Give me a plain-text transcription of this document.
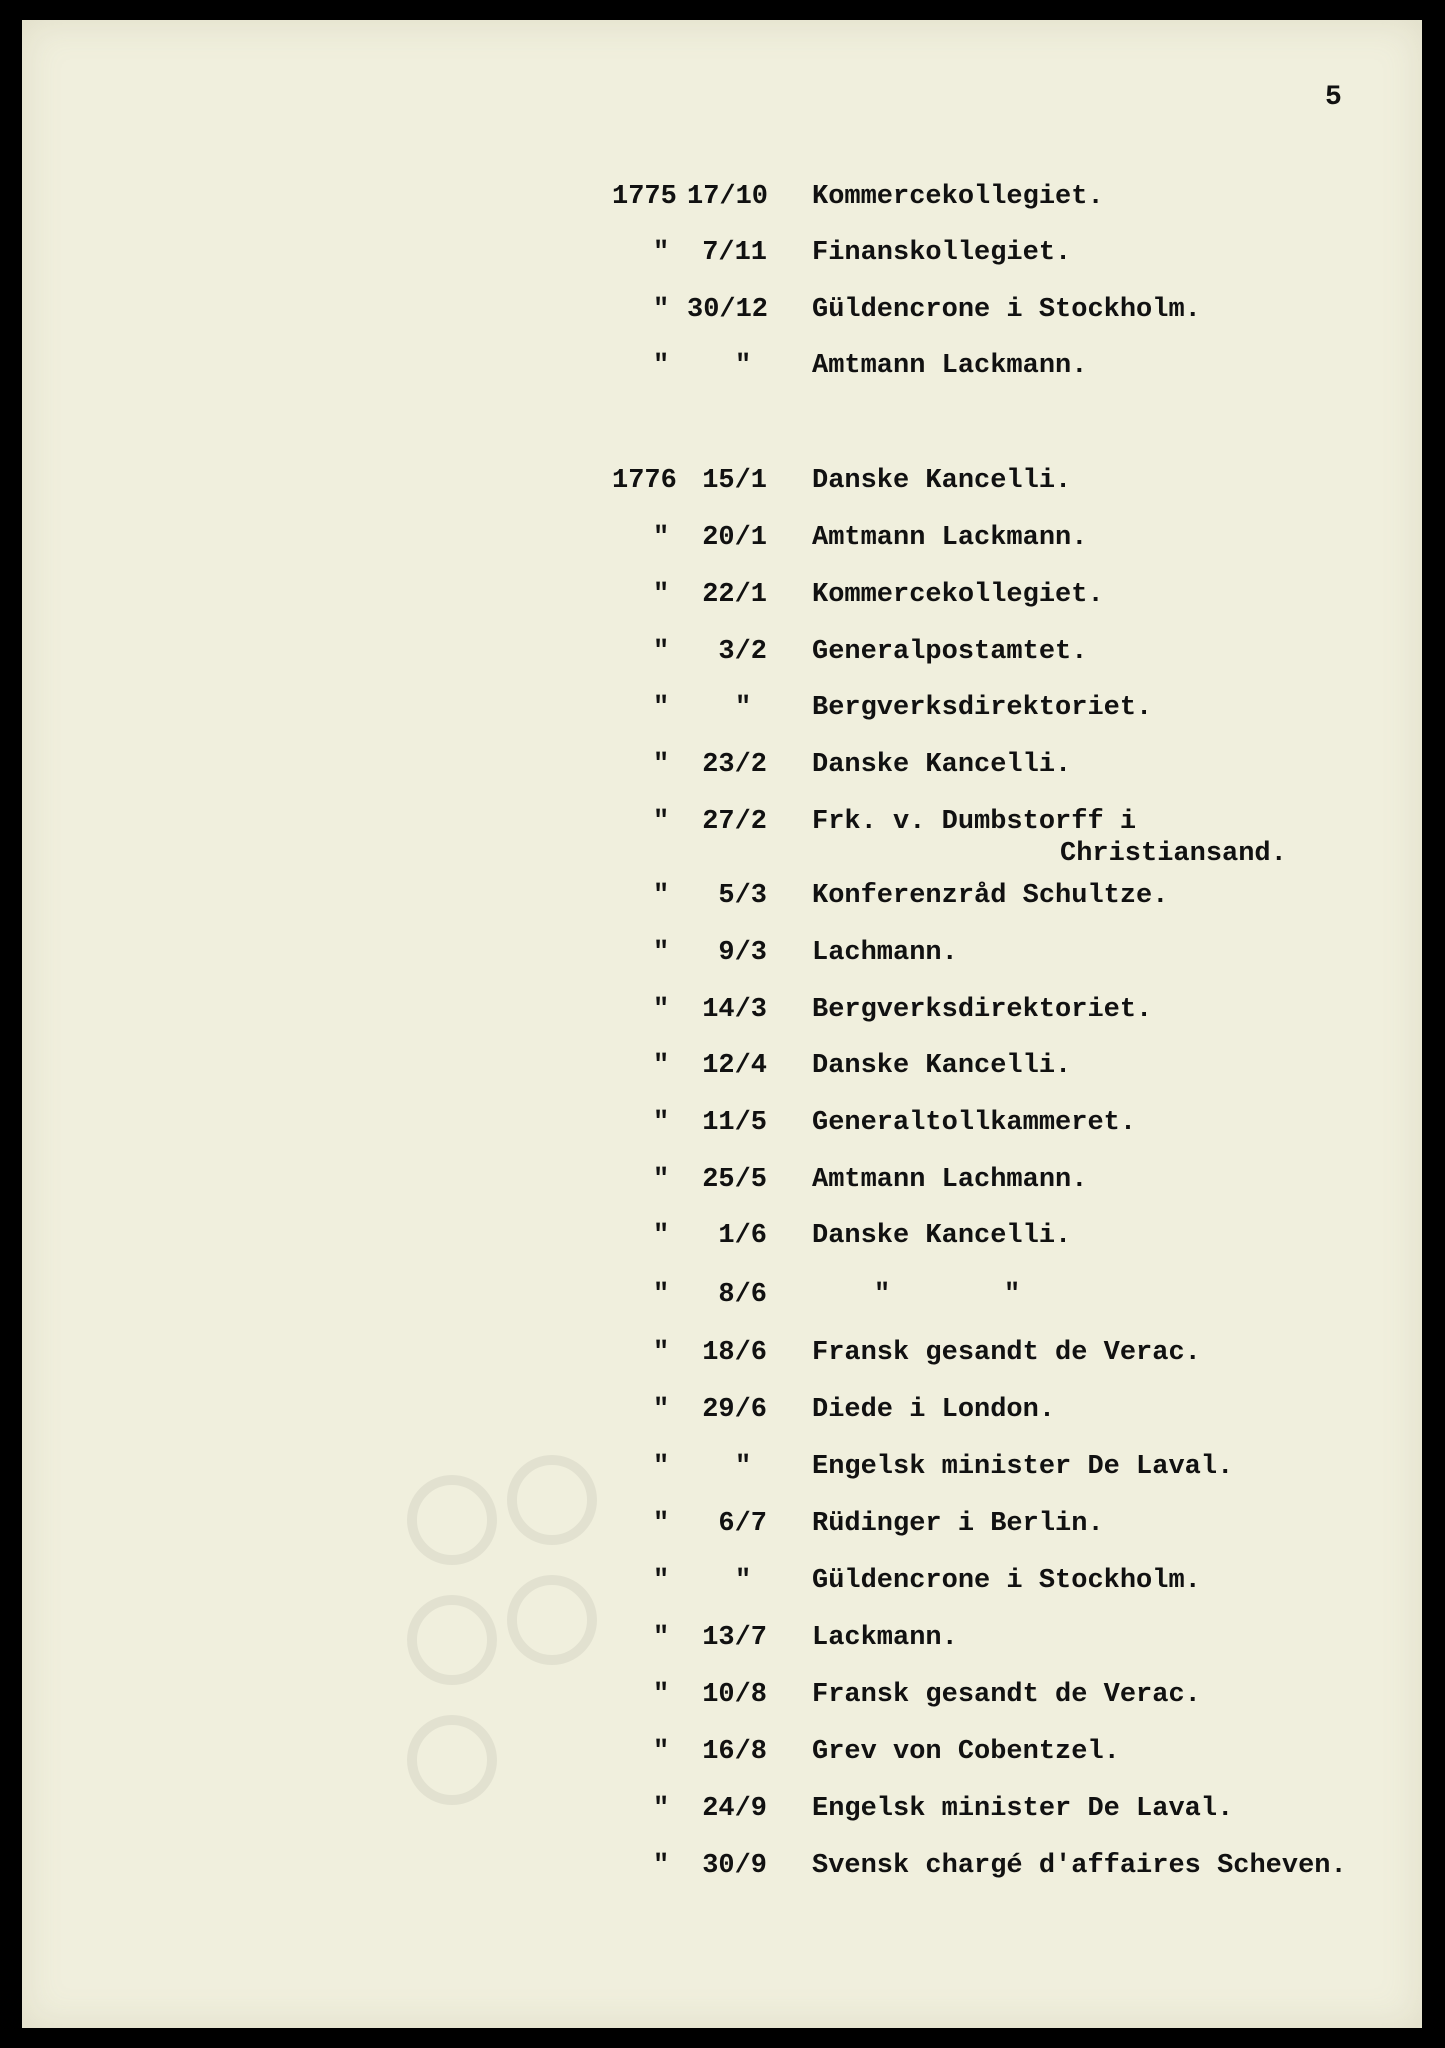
5
1775 17/10 Kommercekollegiet.
"	7/11 Finanskollegiet.
" 30/12 Güldencrone i Stockholm.
" " Amtmann Lackmann.
1776 15/1 Danske Kancelli.
"	20/1 Amtmann Lackmann.
"	22/1 Kommercekollegiet.
"	3/2 Generalpostamtet.
" " Bergverksdirektoriet.
"	23/2 Danske Kancelli.
"	27/2 Frk. v. Dumbstorff i
Christiansand.
"	5/3 Konferenzråd Schultze.
"	9/3 Lachmann.
"	14/3 Bergverksdirektoriet.
"	12/4 Danske Kancelli.
"	11/5 Generaltollkammeret.
"	25/5 Amtmann Lachmann.
"	1/6 Danske Kancelli.
"	8/6	"	"
"	18/6 Fransk gesandt de Verac.
"	29/6 Diede i London.
" " Engelsk minister De Laval.
"	6/7 Rüdinger i Berlin.
" " Güldencrone i Stockholm.
"	13/7 Lackmann.
"	10/8 Fransk gesandt de Verac.
"	16/8 Grev von Cobentzel.
"	24/9 Engelsk minister De Laval.
"	30/9 Svensk chargé d'affaires Scheven.
